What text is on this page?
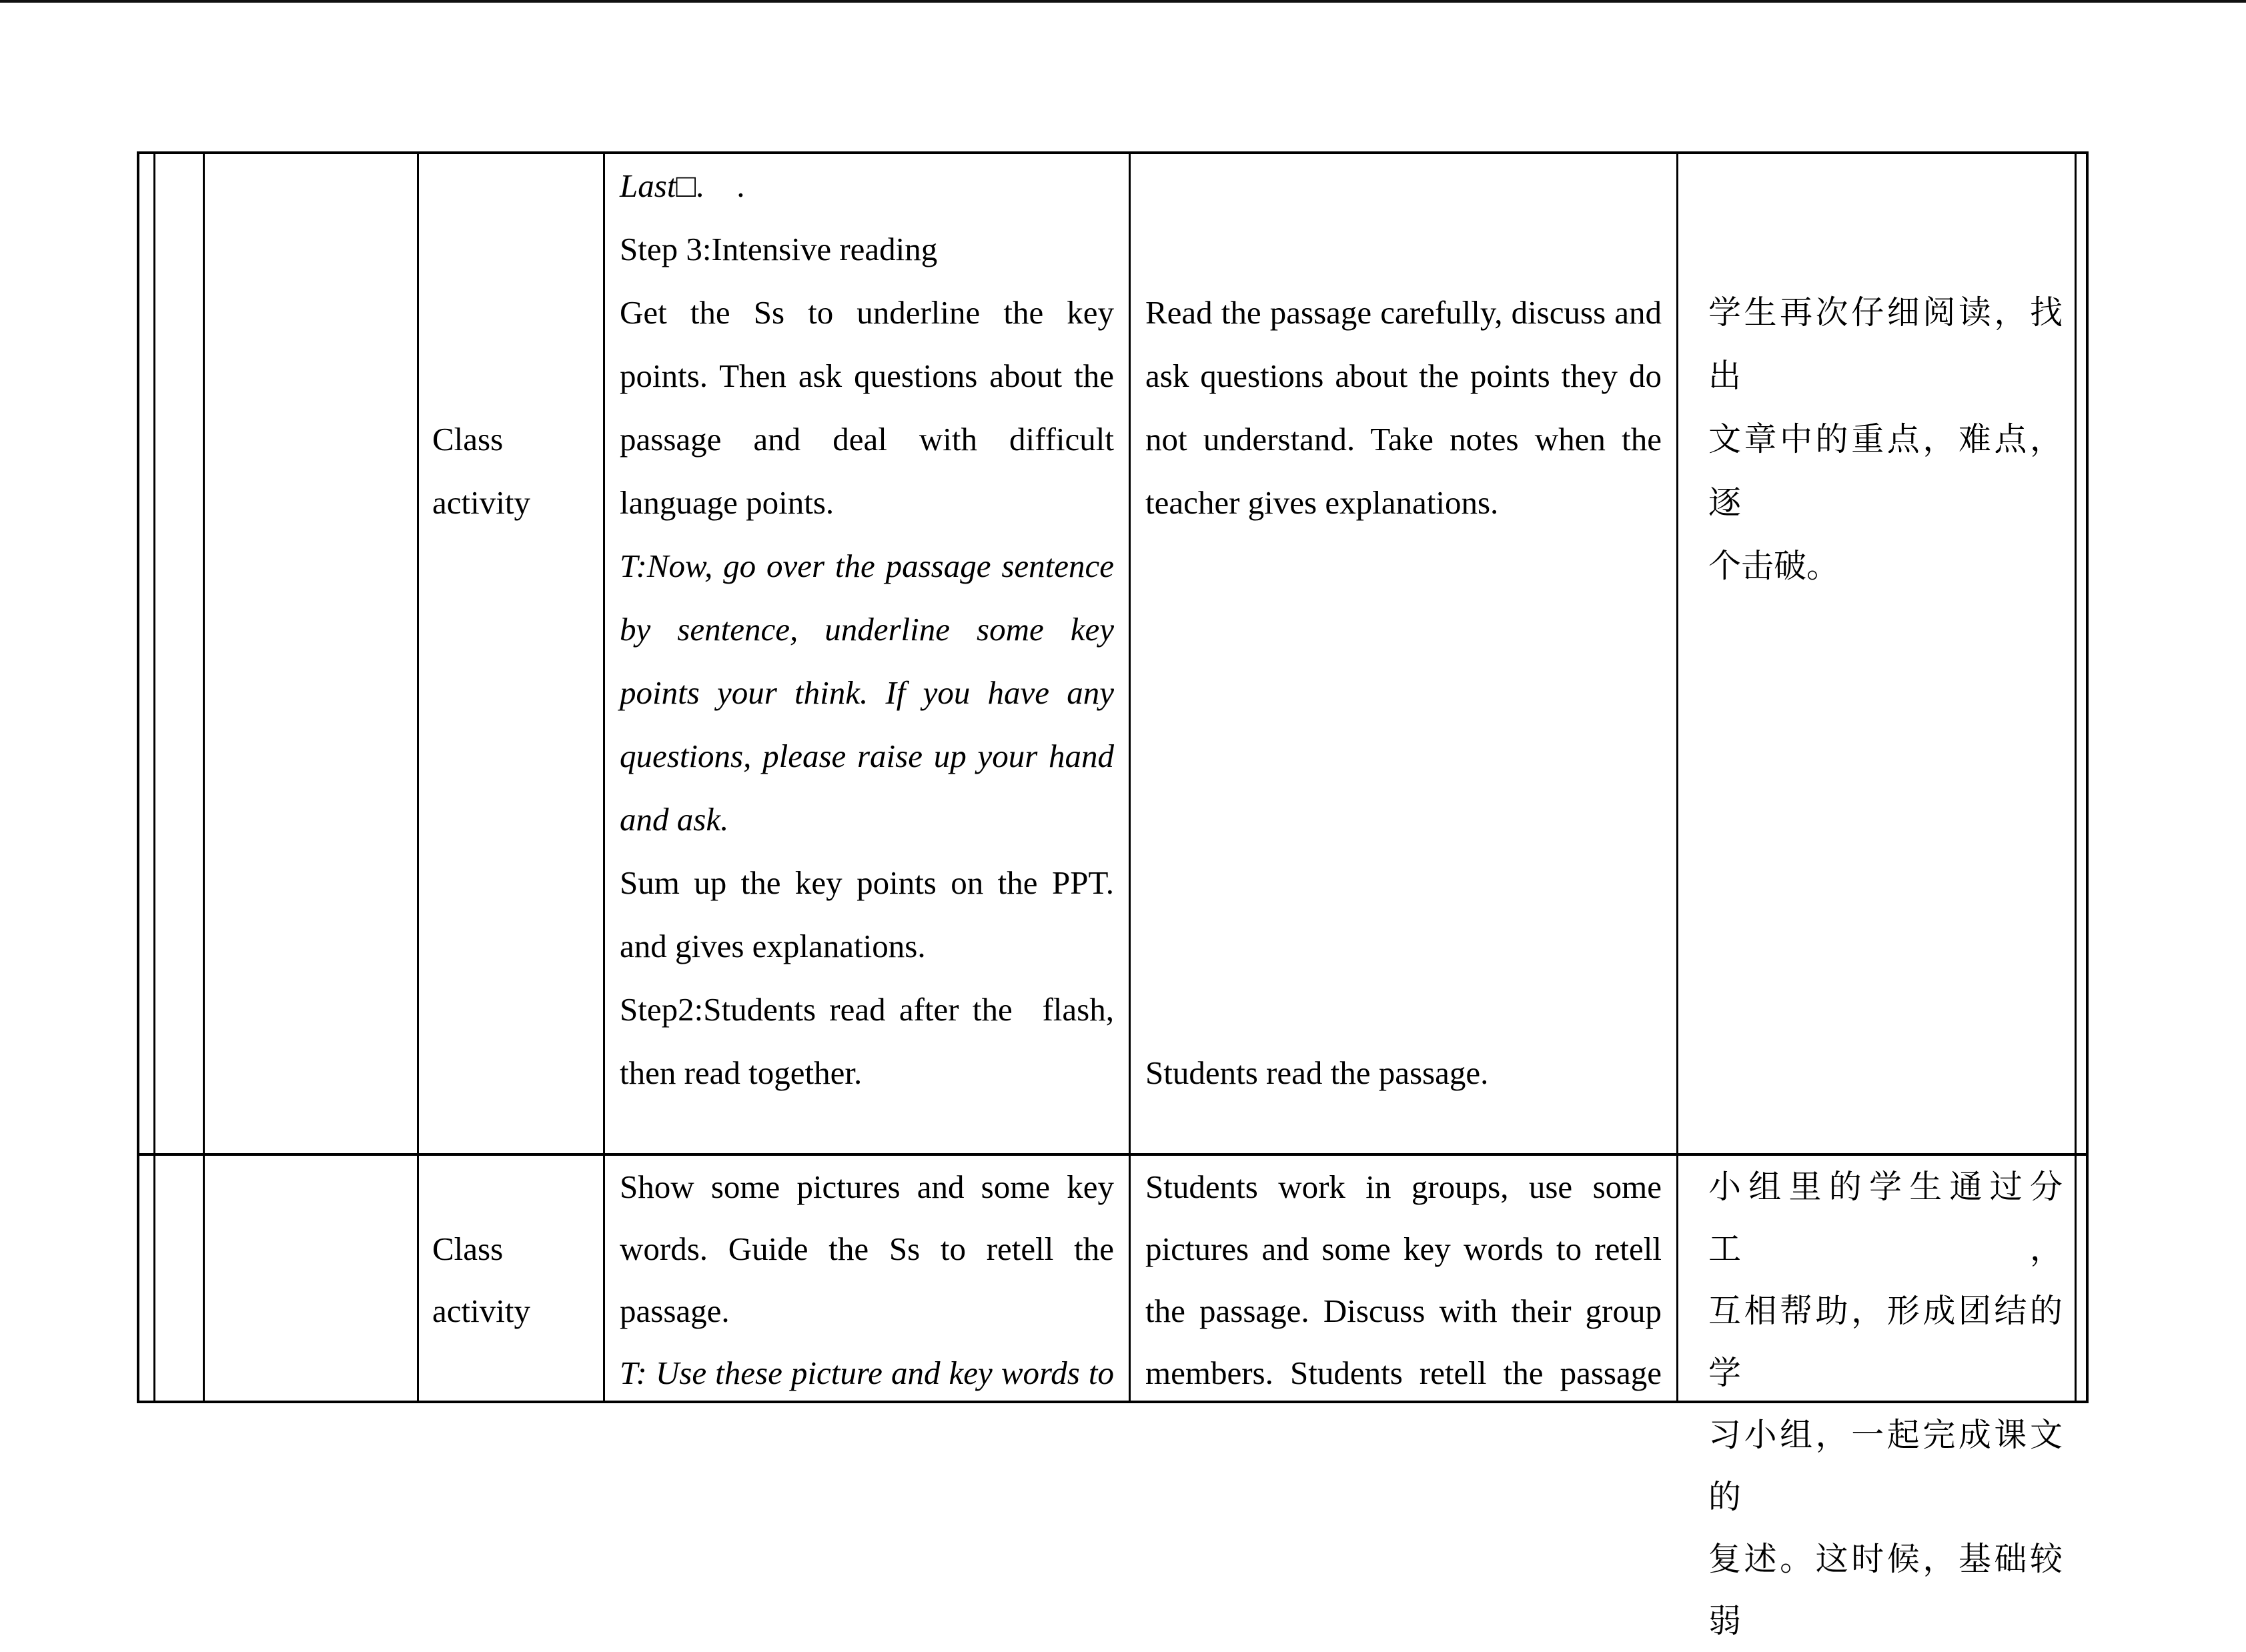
Class
activity
Last□.  .
Step 3:Intensive reading
Get the Ss to underline the key
points. Then ask questions about the
passage and deal with difficult
language points.
T:Now, go over the passage sentence
by sentence, underline some key
points your think. If you have any
questions, please raise up your hand
and ask.
Sum up the key points on the PPT.
and gives explanations.
Step2:Students read after the  flash,
then read together.
Read the passage carefully, discuss and
ask questions about the points they do
not understand. Take notes when the
teacher gives explanations.
Students read the passage.
学生再次仔细阅读，找出
文章中的重点，难点，逐
个击破。
Class
activity
Show some pictures and some key
words. Guide the Ss to retell the
passage.
T: Use these picture and key words to
Students work in groups, use some
pictures and some key words to retell
the passage. Discuss with their group
members. Students retell the passage
小组里的学生通过分工，
互相帮助，形成团结的学
习小组，一起完成课文的
复述。这时候，基础较弱
